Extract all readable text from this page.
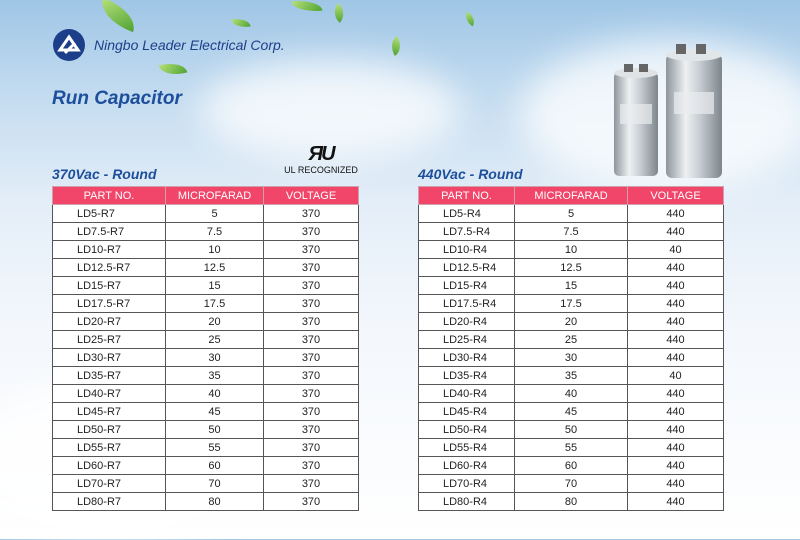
Ningbo Leader Electrical Corp.
Run Capacitor
ЯU
UL RECOGNIZED
370Vac - Round
PART NO.	MICROFARAD	VOLTAGE
LD5-R7	5	370
LD7.5-R7	7.5	370
LD10-R7	10	370
LD12.5-R7	12.5	370
LD15-R7	15	370
LD17.5-R7	17.5	370
LD20-R7	20	370
LD25-R7	25	370
LD30-R7	30	370
LD35-R7	35	370
LD40-R7	40	370
LD45-R7	45	370
LD50-R7	50	370
LD55-R7	55	370
LD60-R7	60	370
LD70-R7	70	370
LD80-R7	80	370
440Vac - Round
PART NO.	MICROFARAD	VOLTAGE
LD5-R4	5	440
LD7.5-R4	7.5	440
LD10-R4	10	40
LD12.5-R4	12.5	440
LD15-R4	15	440
LD17.5-R4	17.5	440
LD20-R4	20	440
LD25-R4	25	440
LD30-R4	30	440
LD35-R4	35	40
LD40-R4	40	440
LD45-R4	45	440
LD50-R4	50	440
LD55-R4	55	440
LD60-R4	60	440
LD70-R4	70	440
LD80-R4	80	440
